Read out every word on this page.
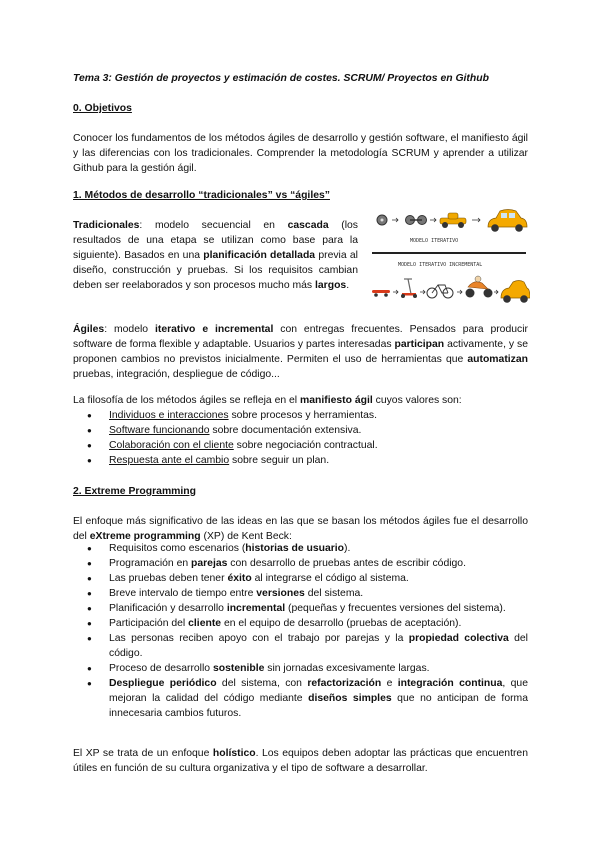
Tema 3: Gestión de proyectos y estimación de costes. SCRUM/ Proyectos en Github

0. Objetivos

Conocer los fundamentos de los métodos ágiles de desarrollo y gestión software, el manifiesto ágil y las diferencias con los tradicionales. Comprender la metodología SCRUM y aprender a utilizar Github para la gestión ágil.

1. Métodos de desarrollo “tradicionales” vs “ágiles”

Tradicionales: modelo secuencial en cascada (los resultados de una etapa se utilizan como base para la siguiente). Basados en una planificación detallada previa al diseño, construcción y pruebas. Si los requisitos cambian deben ser reelaborados y son procesos mucho más largos.

MODELO ITERATIVO
MODELO ITERATIVO INCREMENTAL

Ágiles: modelo iterativo e incremental con entregas frecuentes. Pensados para producir software de forma flexible y adaptable. Usuarios y partes interesadas participan activamente, y se proponen cambios no previstos inicialmente. Permiten el uso de herramientas que automatizan pruebas, integración, despliegue de código...

La filosofía de los métodos ágiles se refleja en el manifiesto ágil cuyos valores son:

● Individuos e interacciones sobre procesos y herramientas.
● Software funcionando sobre documentación extensiva.
● Colaboración con el cliente sobre negociación contractual.
● Respuesta ante el cambio sobre seguir un plan.

2. Extreme Programming

El enfoque más significativo de las ideas en las que se basan los métodos ágiles fue el desarrollo del eXtreme programming (XP) de Kent Beck:

● Requisitos como escenarios (historias de usuario).
● Programación en parejas con desarrollo de pruebas antes de escribir código.
● Las pruebas deben tener éxito al integrarse el código al sistema.
● Breve intervalo de tiempo entre versiones del sistema.
● Planificación y desarrollo incremental (pequeñas y frecuentes versiones del sistema).
● Participación del cliente en el equipo de desarrollo (pruebas de aceptación).
● Las personas reciben apoyo con el trabajo por parejas y la propiedad colectiva del código.
● Proceso de desarrollo sostenible sin jornadas excesivamente largas.
● Despliegue periódico del sistema, con refactorización e integración continua, que mejoran la calidad del código mediante diseños simples que no anticipan de forma innecesaria cambios futuros.

El XP se trata de un enfoque holístico. Los equipos deben adoptar las prácticas que encuentren útiles en función de su cultura organizativa y el tipo de software a desarrollar.
